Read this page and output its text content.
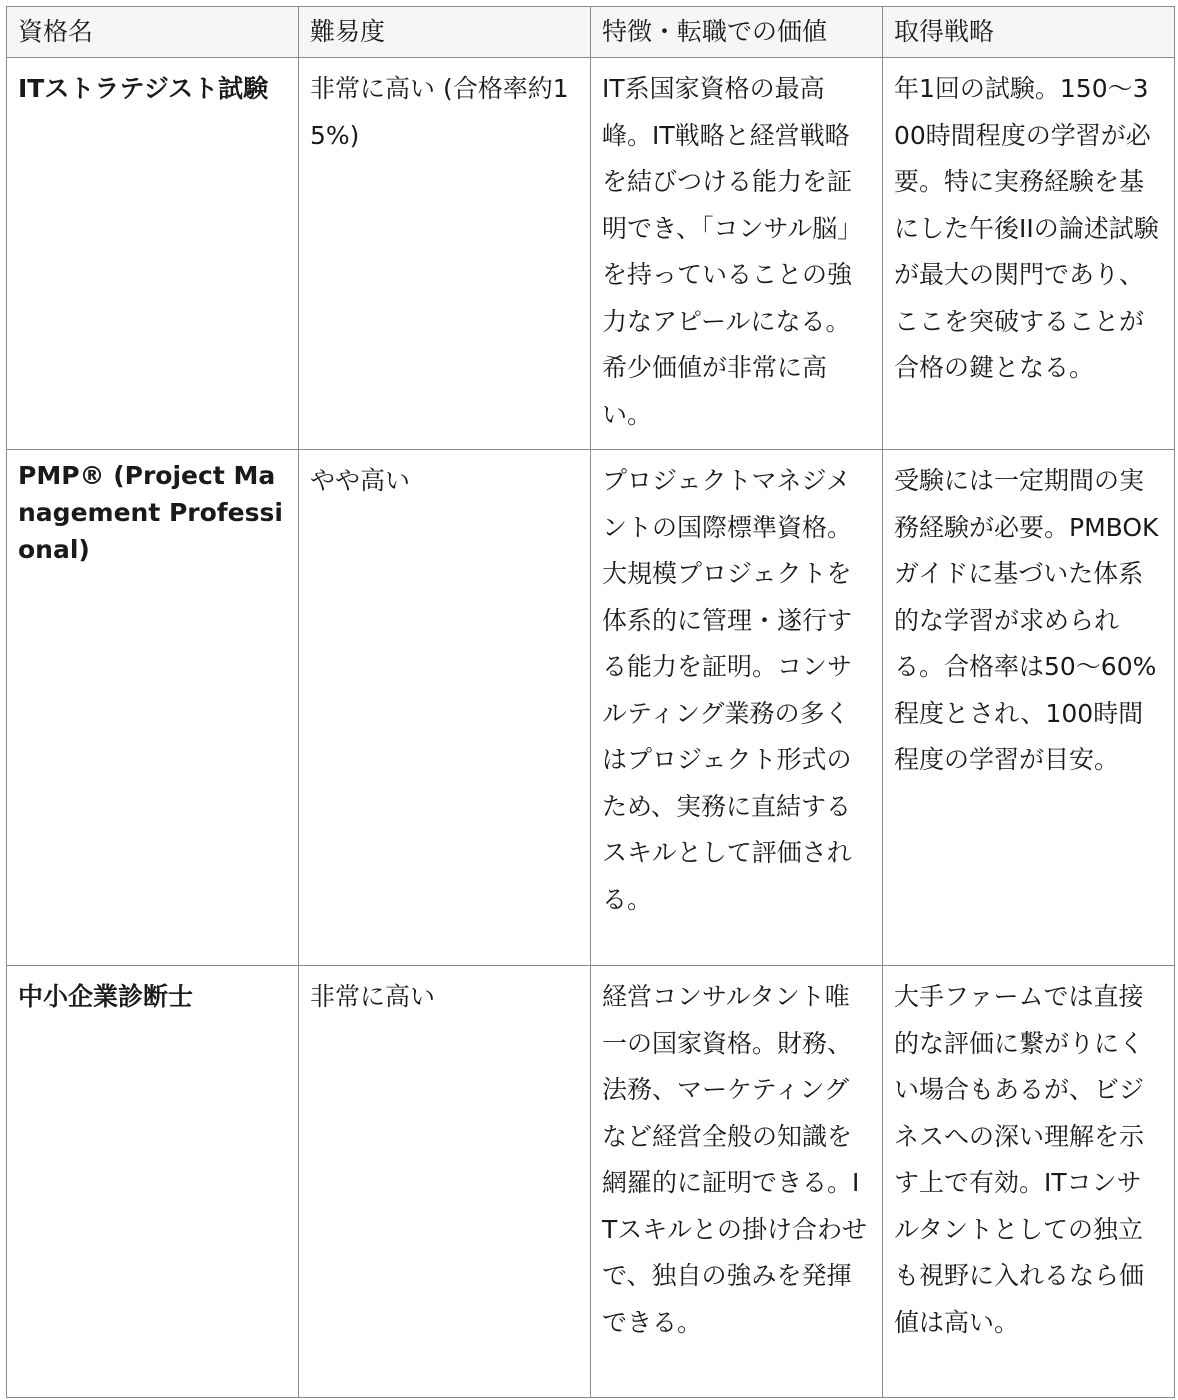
資格名	難易度	特徴・転職での価値	取得戦略
ITストラテジスト試験	非常に高い (合格率約15%)	IT系国家資格の最高峰。IT戦略と経営戦略を結びつける能力を証明でき、「コンサル脳」を持っていることの強力なアピールになる。希少価値が非常に高い。	年1回の試験。150〜300時間程度の学習が必要。特に実務経験を基にした午後IIの論述試験が最大の関門であり、ここを突破することが合格の鍵となる。
PMP® (Project Management Professional)	やや高い	プロジェクトマネジメントの国際標準資格。大規模プロジェクトを体系的に管理・遂行する能力を証明。コンサルティング業務の多くはプロジェクト形式のため、実務に直結するスキルとして評価される。	受験には一定期間の実務経験が必要。PMBOKガイドに基づいた体系的な学習が求められる。合格率は50〜60%程度とされ、100時間程度の学習が目安。
中小企業診断士	非常に高い	経営コンサルタント唯一の国家資格。財務、法務、マーケティングなど経営全般の知識を網羅的に証明できる。ITスキルとの掛け合わせで、独自の強みを発揮できる。	大手ファームでは直接的な評価に繋がりにくい場合もあるが、ビジネスへの深い理解を示す上で有効。ITコンサルタントとしての独立も視野に入れるなら価値は高い。
